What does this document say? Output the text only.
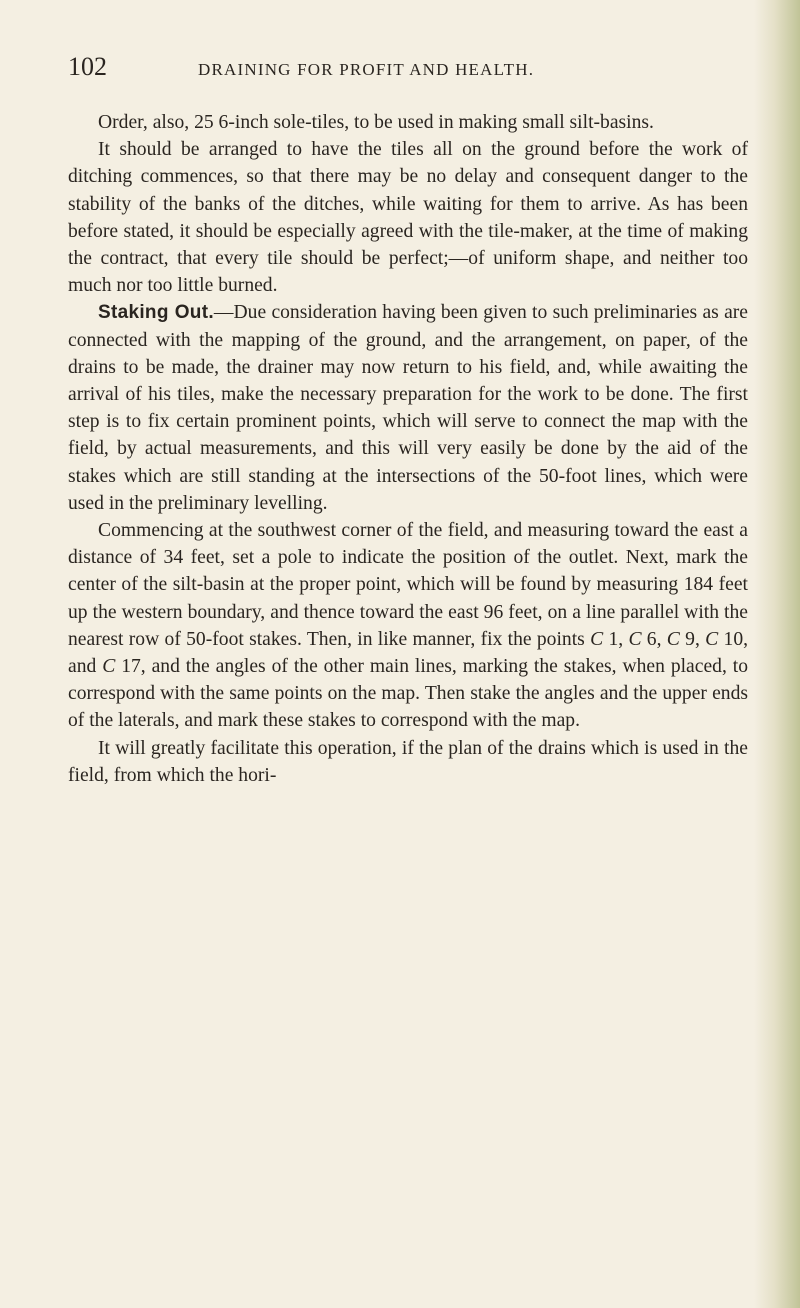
102	DRAINING FOR PROFIT AND HEALTH.

Order, also, 25 6-inch sole-tiles, to be used in making small silt-basins.

It should be arranged to have the tiles all on the ground before the work of ditching commences, so that there may be no delay and consequent danger to the stability of the banks of the ditches, while waiting for them to arrive. As has been before stated, it should be especially agreed with the tile-maker, at the time of making the contract, that every tile should be perfect;—of uniform shape, and neither too much nor too little burned.

Staking Out.—Due consideration having been given to such preliminaries as are connected with the mapping of the ground, and the arrangement, on paper, of the drains to be made, the drainer may now return to his field, and, while awaiting the arrival of his tiles, make the necessary preparation for the work to be done. The first step is to fix certain prominent points, which will serve to connect the map with the field, by actual measurements, and this will very easily be done by the aid of the stakes which are still standing at the intersections of the 50-foot lines, which were used in the preliminary levelling.

Commencing at the southwest corner of the field, and measuring toward the east a distance of 34 feet, set a pole to indicate the position of the outlet. Next, mark the center of the silt-basin at the proper point, which will be found by measuring 184 feet up the western boundary, and thence toward the east 96 feet, on a line parallel with the nearest row of 50-foot stakes. Then, in like manner, fix the points C 1, C 6, C 9, C 10, and C 17, and the angles of the other main lines, marking the stakes, when placed, to correspond with the same points on the map. Then stake the angles and the upper ends of the laterals, and mark these stakes to correspond with the map.

It will greatly facilitate this operation, if the plan of the drains which is used in the field, from which the hori-
